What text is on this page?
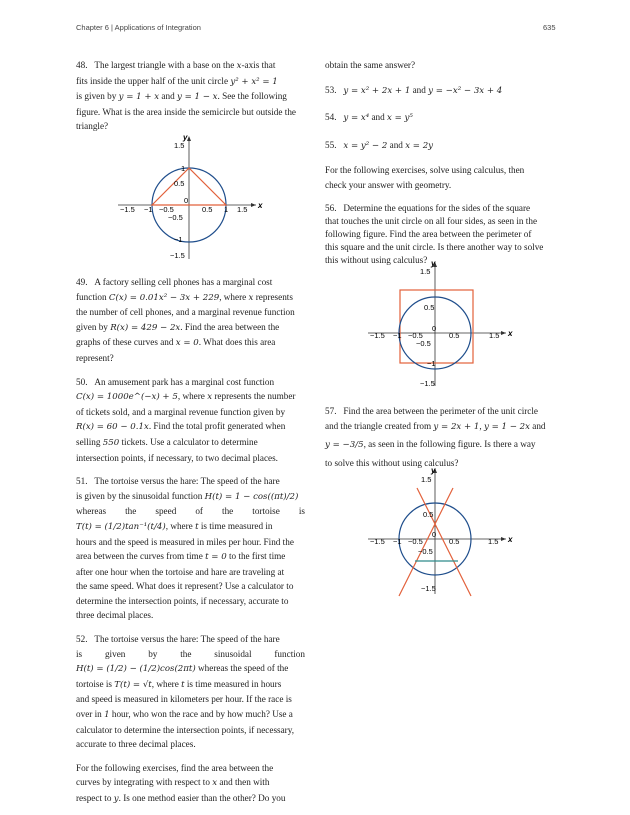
Chapter 6 | Applications of Integration	635
48. The largest triangle with a base on the x-axis that
fits inside the upper half of the unit circle y² + x² = 1
is given by y = 1 + x and y = 1 − x. See the following
figure. What is the area inside the semicircle but outside the
triangle?
x
y
1.5
1
0.5
−0.5
−1
−1.5
−1.5 −1 −0.5
0
0.5 1 1.5
49. A factory selling cell phones has a marginal cost
function C(x) = 0.01x² − 3x + 229, where x represents
the number of cell phones, and a marginal revenue function
given by R(x) = 429 − 2x. Find the area between the
graphs of these curves and x = 0. What does this area
represent?
50. An amusement park has a marginal cost function
C(x) = 1000e^(−x) + 5, where x represents the number
of tickets sold, and a marginal revenue function given by
R(x) = 60 − 0.1x. Find the total profit generated when
selling 550 tickets. Use a calculator to determine
intersection points, if necessary, to two decimal places.
51. The tortoise versus the hare: The speed of the hare
is given by the sinusoidal function H(t) = 1 − cos((πt)/2)
whereas the speed of the tortoise is
T(t) = (1/2)tan⁻¹(t/4), where t is time measured in
hours and the speed is measured in miles per hour. Find the
area between the curves from time t = 0 to the first time
after one hour when the tortoise and hare are traveling at
the same speed. What does it represent? Use a calculator to
determine the intersection points, if necessary, accurate to
three decimal places.
52. The tortoise versus the hare: The speed of the hare
is given by the sinusoidal function
H(t) = (1/2) − (1/2)cos(2πt) whereas the speed of the
tortoise is T(t) = √t, where t is time measured in hours
and speed is measured in kilometers per hour. If the race is
over in 1 hour, who won the race and by how much? Use a
calculator to determine the intersection points, if necessary,
accurate to three decimal places.
For the following exercises, find the area between the
curves by integrating with respect to x and then with
respect to y. Is one method easier than the other? Do you
obtain the same answer?
53. y = x² + 2x + 1 and y = −x² − 3x + 4
54. y = x⁴ and x = y⁵
55. x = y² − 2 and x = 2y
For the following exercises, solve using calculus, then
check your answer with geometry.
56. Determine the equations for the sides of the square
that touches the unit circle on all four sides, as seen in the
following figure. Find the area between the perimeter of
this square and the unit circle. Is there another way to solve
this without using calculus?
x
y
1.5
0.5
−0.5
−1
−1.5
−1.5 −1 −0.5
0
0.5	1.5
57. Find the area between the perimeter of the unit circle
and the triangle created from y = 2x + 1, y = 1 − 2x and
y = −3/5, as seen in the following figure. Is there a way
to solve this without using calculus?
x
y
1.5
0.5
−0.5
−1.5
−1.5 −1 −0.5
0
0.5	1.5
